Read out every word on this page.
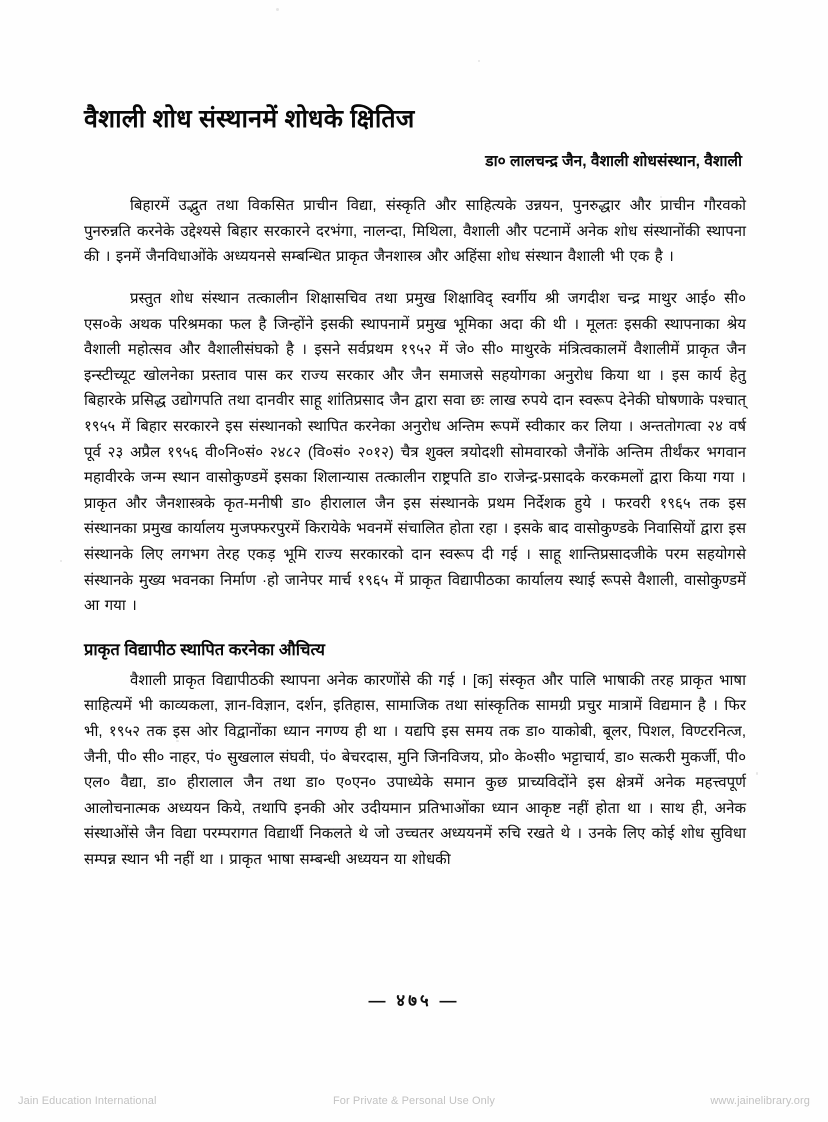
वैशाली शोध संस्थानमें शोधके क्षितिज
डा० लालचन्द्र जैन, वैशाली शोधसंस्थान, वैशाली

बिहारमें उद्भुत तथा विकसित प्राचीन विद्या, संस्कृति और साहित्यके उन्नयन, पुनरुद्धार और प्राचीन गौरवको पुनरुन्नति करनेके उद्देश्यसे बिहार सरकारने दरभंगा, नालन्दा, मिथिला, वैशाली और पटनामें अनेक शोध संस्थानोंकी स्थापना की । इनमें जैनविधाओंके अध्ययनसे सम्बन्धित प्राकृत जैनशास्त्र और अहिंसा शोध संस्थान वैशाली भी एक है ।

प्रस्तुत शोध संस्थान तत्कालीन शिक्षासचिव तथा प्रमुख शिक्षाविद् स्वर्गीय श्री जगदीश चन्द्र माथुर आई० सी० एस०के अथक परिश्रमका फल है जिन्होंने इसकी स्थापनामें प्रमुख भूमिका अदा की थी । मूलतः इसकी स्थापनाका श्रेय वैशाली महोत्सव और वैशालीसंघको है । इसने सर्वप्रथम १९५२ में जे० सी० माथुरके मंत्रित्वकालमें वैशालीमें प्राकृत जैन इन्स्टीच्यूट खोलनेका प्रस्ताव पास कर राज्य सरकार और जैन समाजसे सहयोगका अनुरोध किया था । इस कार्य हेतु बिहारके प्रसिद्ध उद्योगपति तथा दानवीर साहू शांतिप्रसाद जैन द्वारा सवा छः लाख रुपये दान स्वरूप देनेकी घोषणाके पश्चात् १९५५ में बिहार सरकारने इस संस्थानको स्थापित करनेका अनुरोध अन्तिम रूपमें स्वीकार कर लिया । अन्ततोगत्वा २४ वर्ष पूर्व २३ अप्रैल १९५६ वी०नि०सं० २४८२ (वि०सं० २०१२) चैत्र शुक्ल त्रयोदशी सोमवारको जैनोंके अन्तिम तीर्थंकर भगवान महावीरके जन्म स्थान वासोकुण्डमें इसका शिलान्यास तत्कालीन राष्ट्रपति डा० राजेन्द्र-प्रसादके करकमलों द्वारा किया गया । प्राकृत और जैनशास्त्रके कृत-मनीषी डा० हीरालाल जैन इस संस्थानके प्रथम निर्देशक हुये । फरवरी १९६५ तक इस संस्थानका प्रमुख कार्यालय मुजफ्फरपुरमें किरायेके भवनमें संचालित होता रहा । इसके बाद वासोकुण्डके निवासियों द्वारा इस संस्थानके लिए लगभग तेरह एकड़ भूमि राज्य सरकारको दान स्वरूप दी गई । साहू शान्तिप्रसादजीके परम सहयोगसे संस्थानके मुख्य भवनका निर्माण ·हो जानेपर मार्च १९६५ में प्राकृत विद्यापीठका कार्यालय स्थाई रूपसे वैशाली, वासोकुण्डमें आ गया ।

प्राकृत विद्यापीठ स्थापित करनेका औचित्य

वैशाली प्राकृत विद्यापीठकी स्थापना अनेक कारणोंसे की गई । [क] संस्कृत और पालि भाषाकी तरह प्राकृत भाषा साहित्यमें भी काव्यकला, ज्ञान-विज्ञान, दर्शन, इतिहास, सामाजिक तथा सांस्कृतिक सामग्री प्रचुर मात्रामें विद्यमान है । फिर भी, १९५२ तक इस ओर विद्वानोंका ध्यान नगण्य ही था । यद्यपि इस समय तक डा० याकोबी, बूलर, पिशल, विण्टरनित्ज, जैनी, पी० सी० नाहर, पं० सुखलाल संघवी, पं० बेचरदास, मुनि जिनविजय, प्रो० के०सी० भट्टाचार्य, डा० सत्करी मुकर्जी, पी० एल० वैद्या, डा० हीरालाल जैन तथा डा० ए०एन० उपाध्येके समान कुछ प्राच्यविदोंने इस क्षेत्रमें अनेक महत्त्वपूर्ण आलोचनात्मक अध्ययन किये, तथापि इनकी ओर उदीयमान प्रतिभाओंका ध्यान आकृष्ट नहीं होता था । साथ ही, अनेक संस्थाओंसे जैन विद्या परम्परागत विद्यार्थी निकलते थे जो उच्चतर अध्ययनमें रुचि रखते थे । उनके लिए कोई शोध सुविधा सम्पन्न स्थान भी नहीं था । प्राकृत भाषा सम्बन्धी अध्ययन या शोधकी

— ४७५ —
Jain Education International	For Private & Personal Use Only	www.jainelibrary.org
